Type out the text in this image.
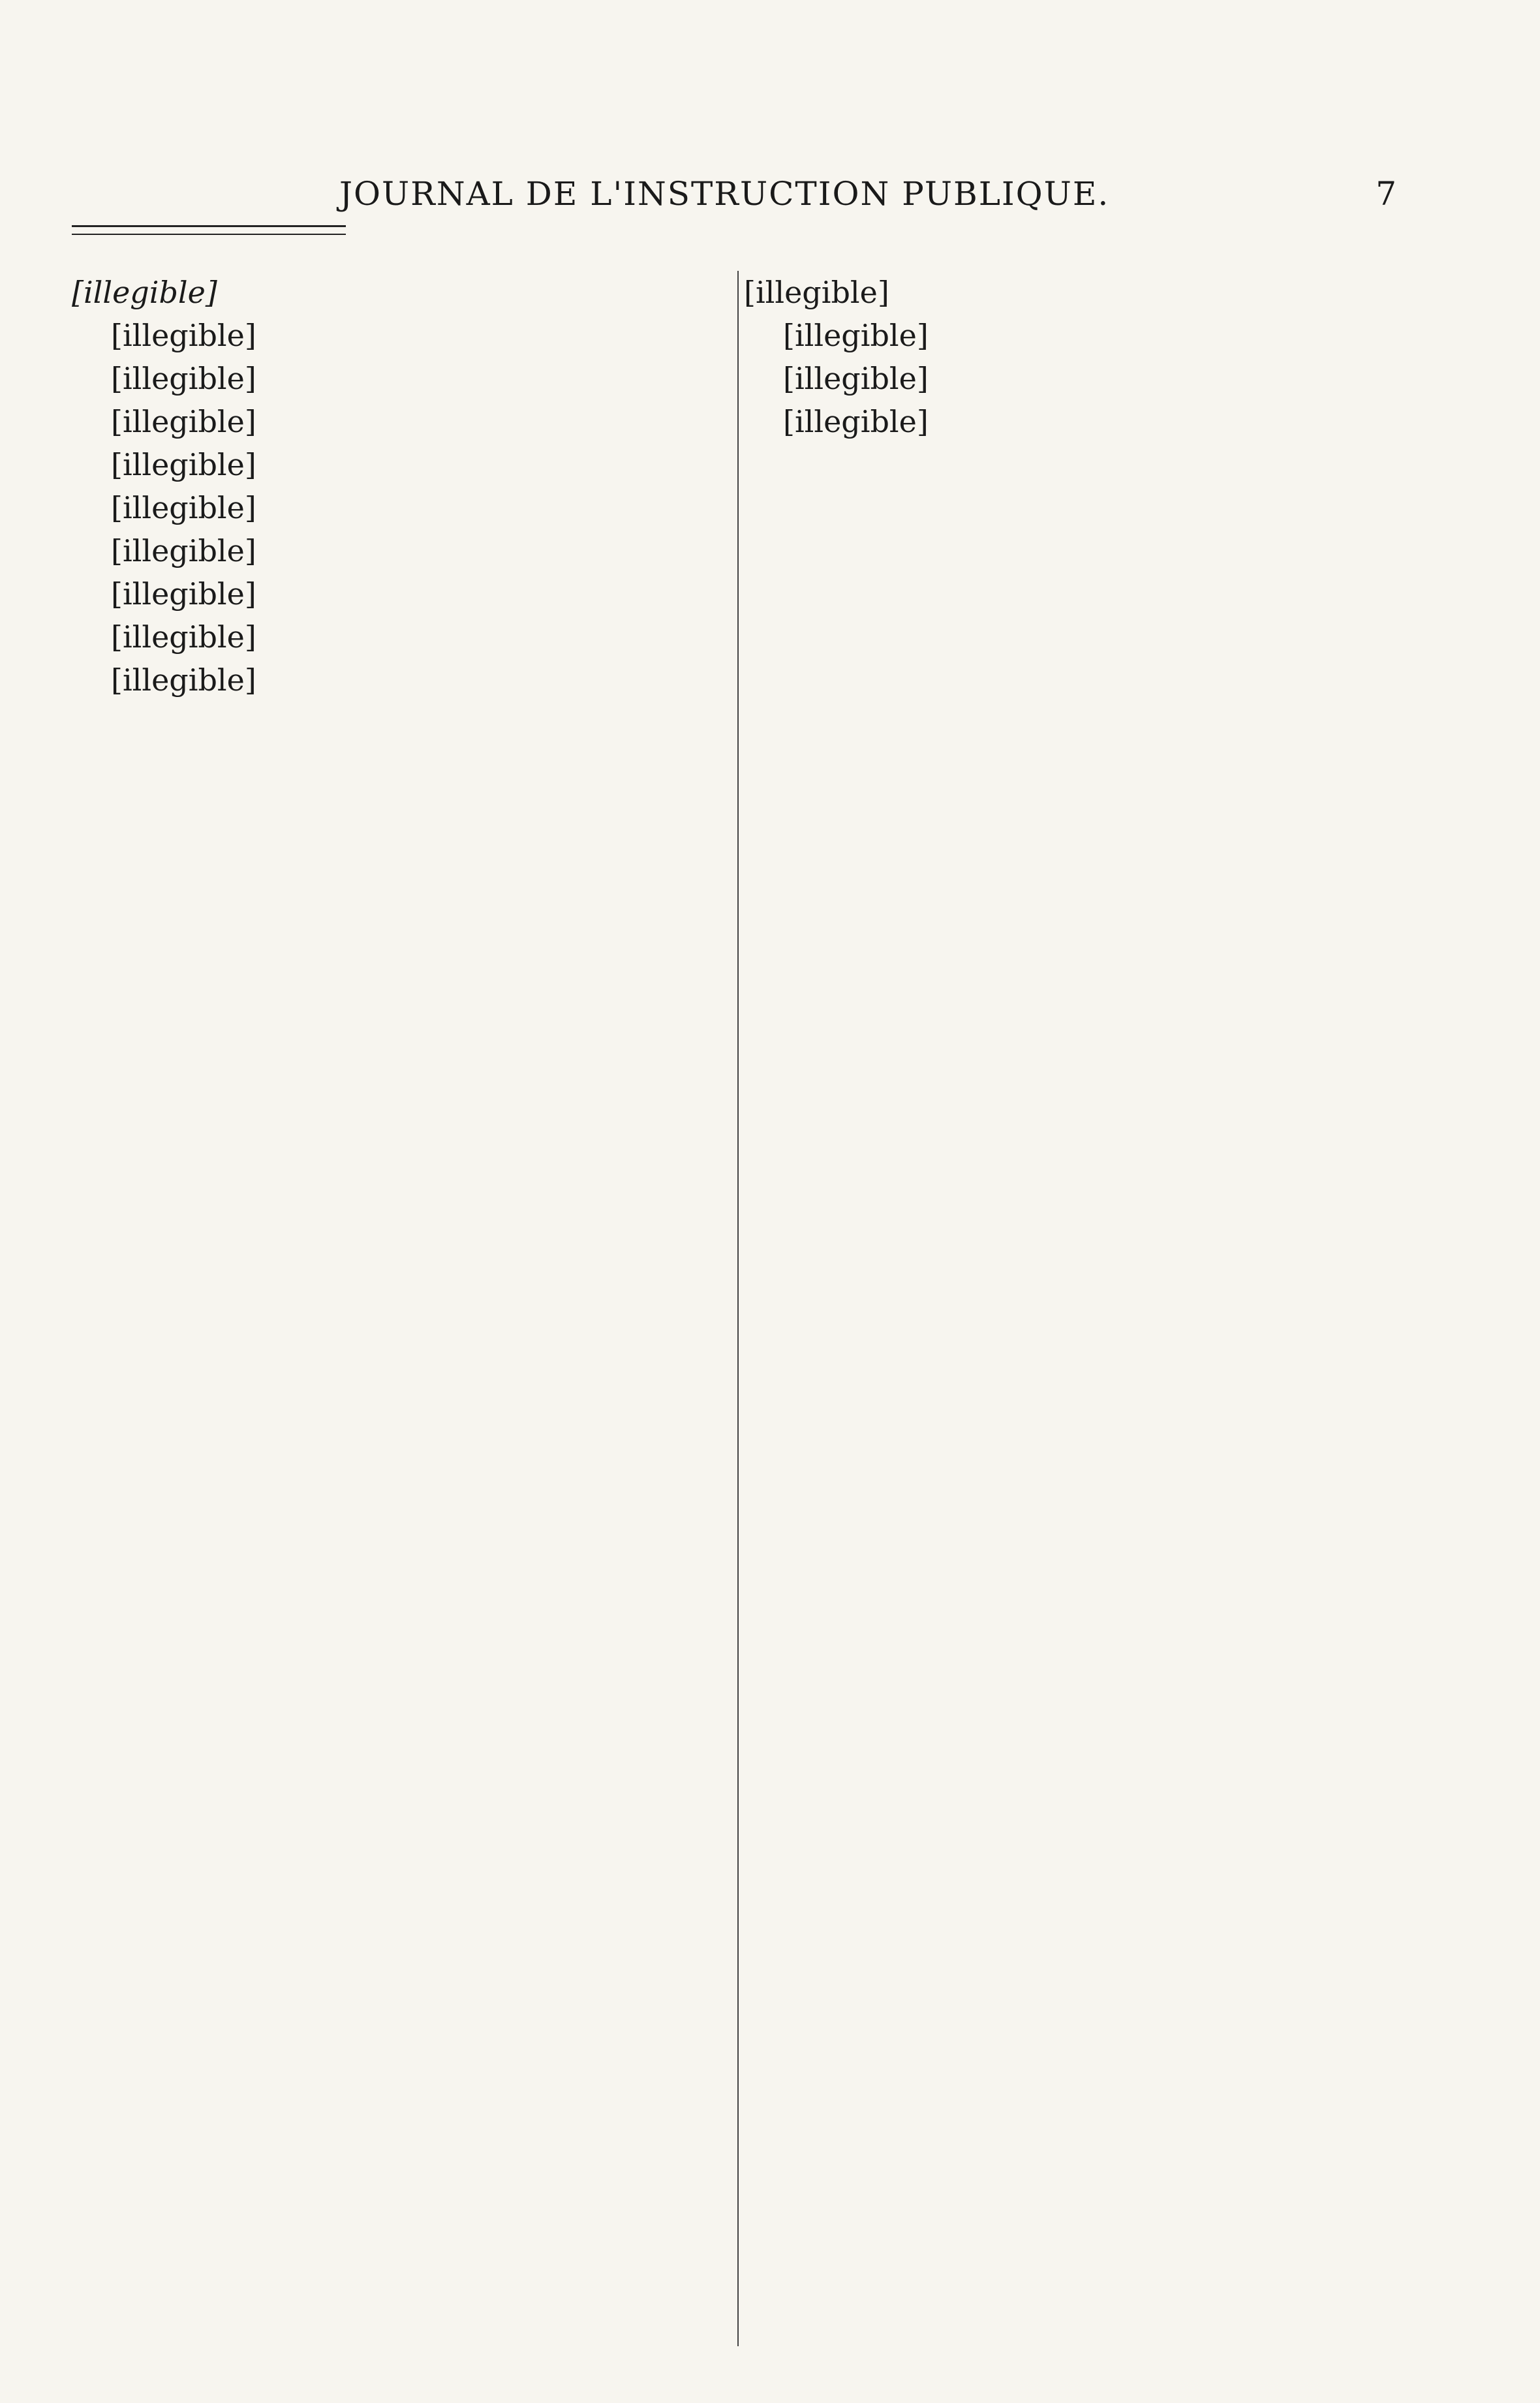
JOURNAL DE L'INSTRUCTION PUBLIQUE.	7

[illegible]

[illegible]

[illegible]

[illegible]

[illegible]

[illegible]

[illegible]

[illegible]

[illegible]

[illegible]

[illegible]

[illegible]

[illegible]

[illegible]
